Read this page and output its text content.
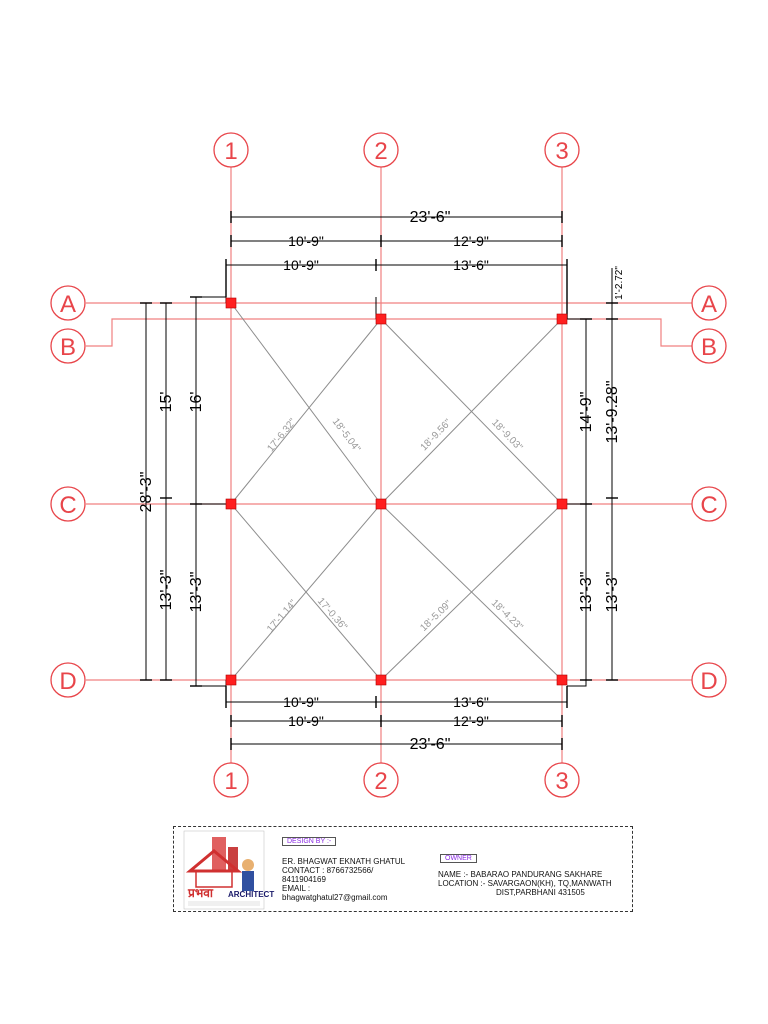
17'-6.32"	18'-5.04"	18'-9.56"	18'-9.03"
17'-1.14" 17'-0.36"	18'-5.09"	18'-4.23"
23'-6"
10'-9"	12'-9"
10'-9"	13'-6"
10'-9"	13'-6"
10'-9"	12'-9"
23'-6"
28'-3"
15'
13'-3"
16'
13'-3"
1'-2.72"
14'-9" 13'-9.28"
13'-3" 13'-3"
1	2	3
1	2	3
A
B
C
D
A
B
C
D
प्रभवा ARCHITECT
DESIGN BY :-
ER. BHAGWAT EKNATH GHATUL
CONTACT : 8766732566/
8411904169
EMAIL :
bhagwatghatul27@gmail.com
OWNER
NAME :- BABARAO PANDURANG SAKHARE
LOCATION :- SAVARGAON(KH), TQ,MANWATH
DIST,PARBHANI 431505
